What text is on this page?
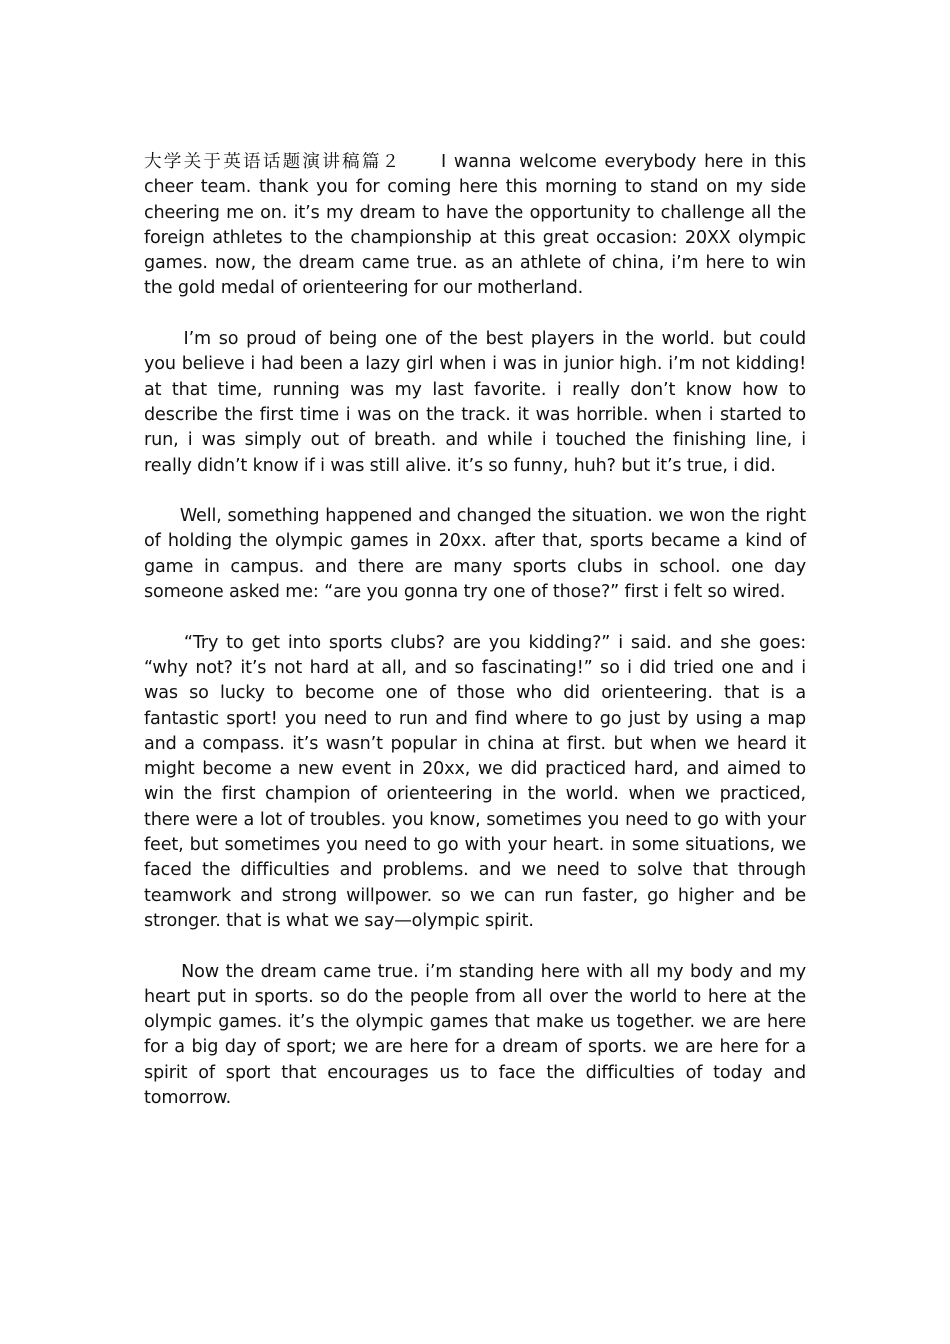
大学关于英语话题演讲稿篇２　　I wanna welcome everybody here in this cheer team. thank you for coming here this morning to stand on my side cheering me on. it’s my dream to have the opportunity to challenge all the foreign athletes to the championship at this great occasion: 20XX olympic games. now, the dream came true. as an athlete of china, i’m here to win the gold medal of orienteering for our motherland.

　　I’m so proud of being one of the best players in the world. but could you believe i had been a lazy girl when i was in junior high. i’m not kidding! at that time, running was my last favorite. i really don’t know how to describe the first time i was on the track. it was horrible. when i started to run, i was simply out of breath. and while i touched the finishing line, i really didn’t know if i was still alive. it’s so funny, huh? but it’s true, i did.

　　Well, something happened and changed the situation. we won the right of holding the olympic games in 20xx. after that, sports became a kind of game in campus. and there are many sports clubs in school. one day someone asked me: “are you gonna try one of those?” first i felt so wired.

　　“Try to get into sports clubs? are you kidding?” i said. and she goes: “why not? it’s not hard at all, and so fascinating!” so i did tried one and i was so lucky to become one of those who did orienteering. that is a fantastic sport! you need to run and find where to go just by using a map and a compass. it’s wasn’t popular in china at first. but when we heard it might become a new event in 20xx, we did practiced hard, and aimed to win the first champion of orienteering in the world. when we practiced, there were a lot of troubles. you know, sometimes you need to go with your feet, but sometimes you need to go with your heart. in some situations, we faced the difficulties and problems. and we need to solve that through teamwork and strong willpower. so we can run faster, go higher and be stronger. that is what we say—olympic spirit.

　　Now the dream came true. i’m standing here with all my body and my heart put in sports. so do the people from all over the world to here at the olympic games. it’s the olympic games that make us together. we are here for a big day of sport; we are here for a dream of sports. we are here for a spirit of sport that encourages us to face the difficulties of today and tomorrow.
